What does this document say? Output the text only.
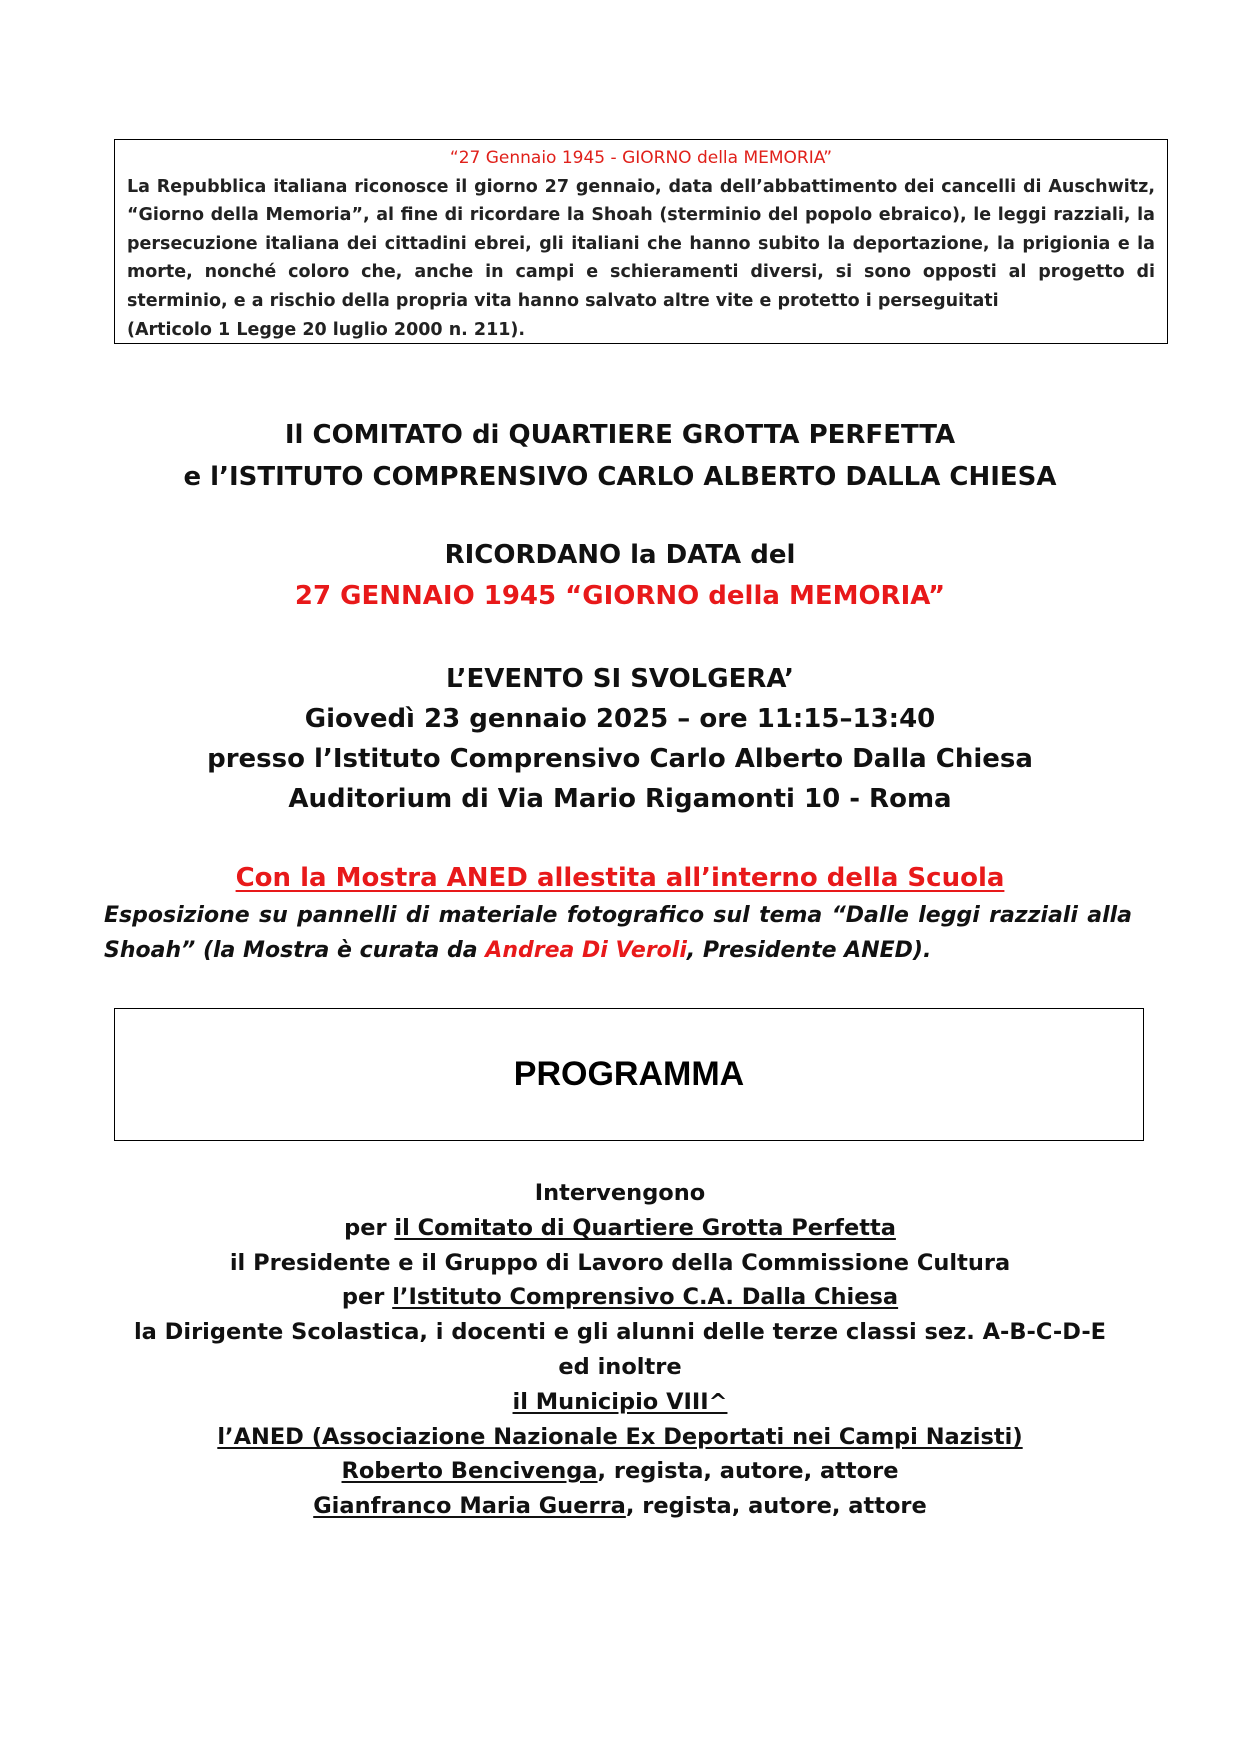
“27 Gennaio 1945 - GIORNO della MEMORIA”
La Repubblica italiana riconosce il giorno 27 gennaio, data dell’abbattimento dei cancelli di Auschwitz, “Giorno della Memoria”, al fine di ricordare la Shoah (sterminio del popolo ebraico), le leggi razziali, la persecuzione italiana dei cittadini ebrei, gli italiani che hanno subito la deportazione, la prigionia e la morte, nonché coloro che, anche in campi e schieramenti diversi, si sono opposti al progetto di sterminio, e a rischio della propria vita hanno salvato altre vite e protetto i perseguitati
(Articolo 1 Legge 20 luglio 2000 n. 211).
Il COMITATO di QUARTIERE GROTTA PERFETTA
e l’ISTITUTO COMPRENSIVO CARLO ALBERTO DALLA CHIESA
RICORDANO la DATA del
27 GENNAIO 1945 “GIORNO della MEMORIA”
L’EVENTO SI SVOLGERA’
Giovedì 23 gennaio 2025 – ore 11:15–13:40
presso l’Istituto Comprensivo Carlo Alberto Dalla Chiesa
Auditorium di Via Mario Rigamonti 10 - Roma
Con la Mostra ANED allestita all’interno della Scuola
Esposizione su pannelli di materiale fotografico sul tema “Dalle leggi razziali alla Shoah” (la Mostra è curata da Andrea Di Veroli, Presidente ANED).
PROGRAMMA
Intervengono
per il Comitato di Quartiere Grotta Perfetta
il Presidente e il Gruppo di Lavoro della Commissione Cultura
per l’Istituto Comprensivo C.A. Dalla Chiesa
la Dirigente Scolastica, i docenti e gli alunni delle terze classi sez. A-B-C-D-E
ed inoltre
il Municipio VIII^
l’ANED (Associazione Nazionale Ex Deportati nei Campi Nazisti)
Roberto Bencivenga, regista, autore, attore
Gianfranco Maria Guerra, regista, autore, attore
